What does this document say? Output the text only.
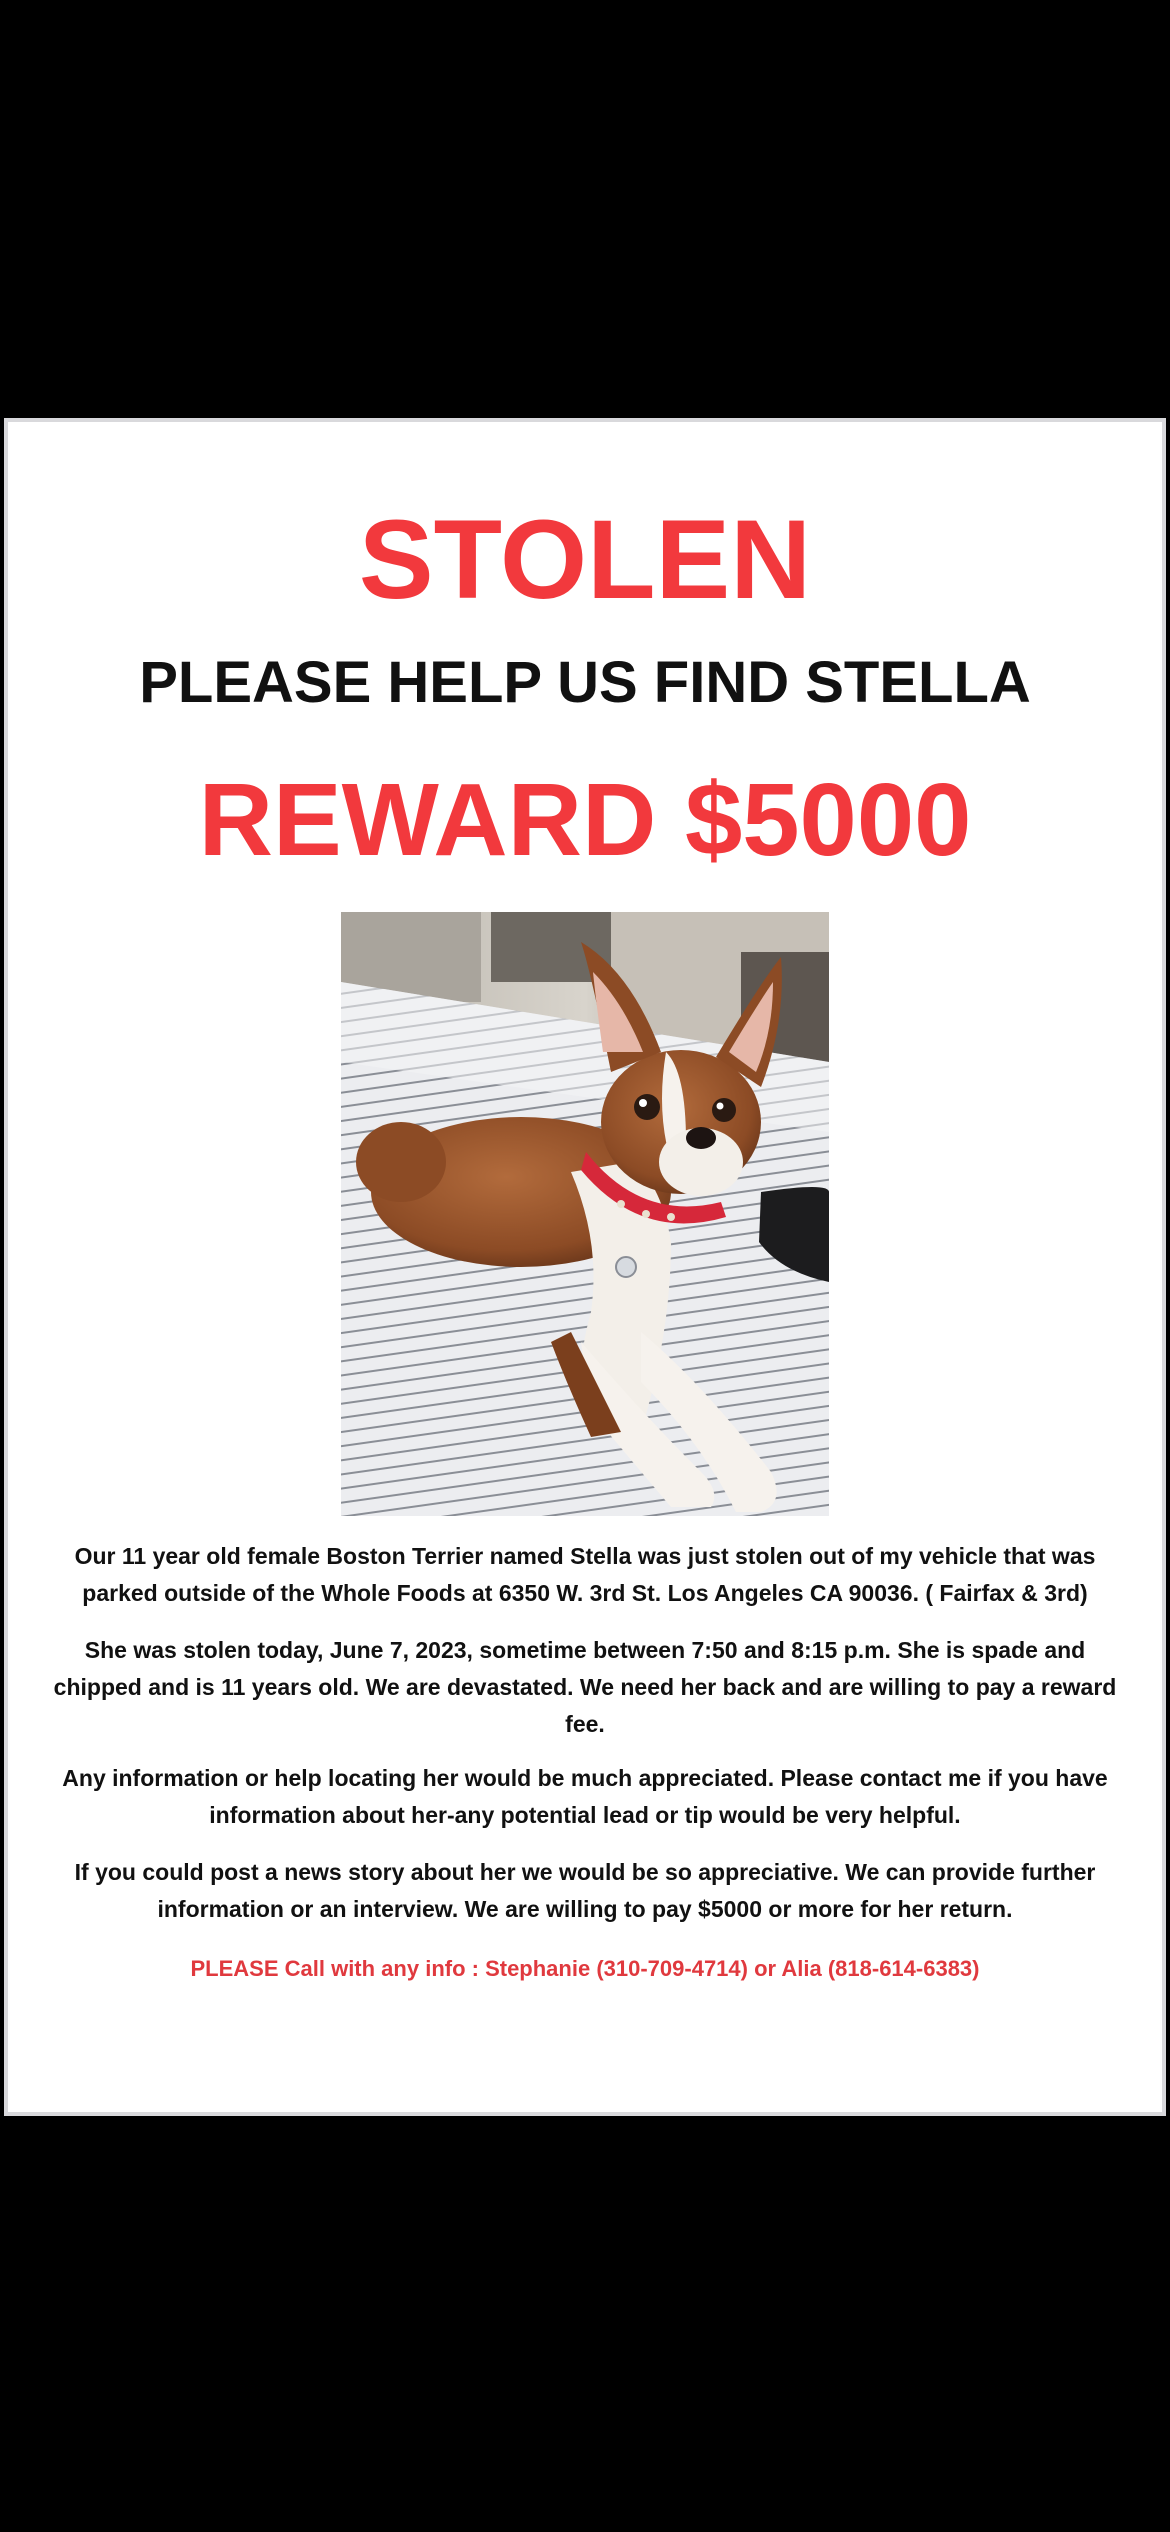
STOLEN
PLEASE HELP US FIND STELLA
REWARD $5000

Our 11 year old female Boston Terrier named Stella was just stolen out of my vehicle that was parked outside of the Whole Foods at 6350 W. 3rd St. Los Angeles CA 90036. ( Fairfax & 3rd)

She was stolen today, June 7, 2023, sometime between 7:50 and 8:15 p.m. She is spade and chipped and is 11 years old. We are devastated. We need her back and are willing to pay a reward fee.

Any information or help locating her would be much appreciated. Please contact me if you have information about her-any potential lead or tip would be very helpful.

If you could post a news story about her we would be so appreciative. We can provide further information or an interview. We are willing to pay $5000 or more for her return.

PLEASE Call with any info : Stephanie (310-709-4714) or Alia (818-614-6383)
